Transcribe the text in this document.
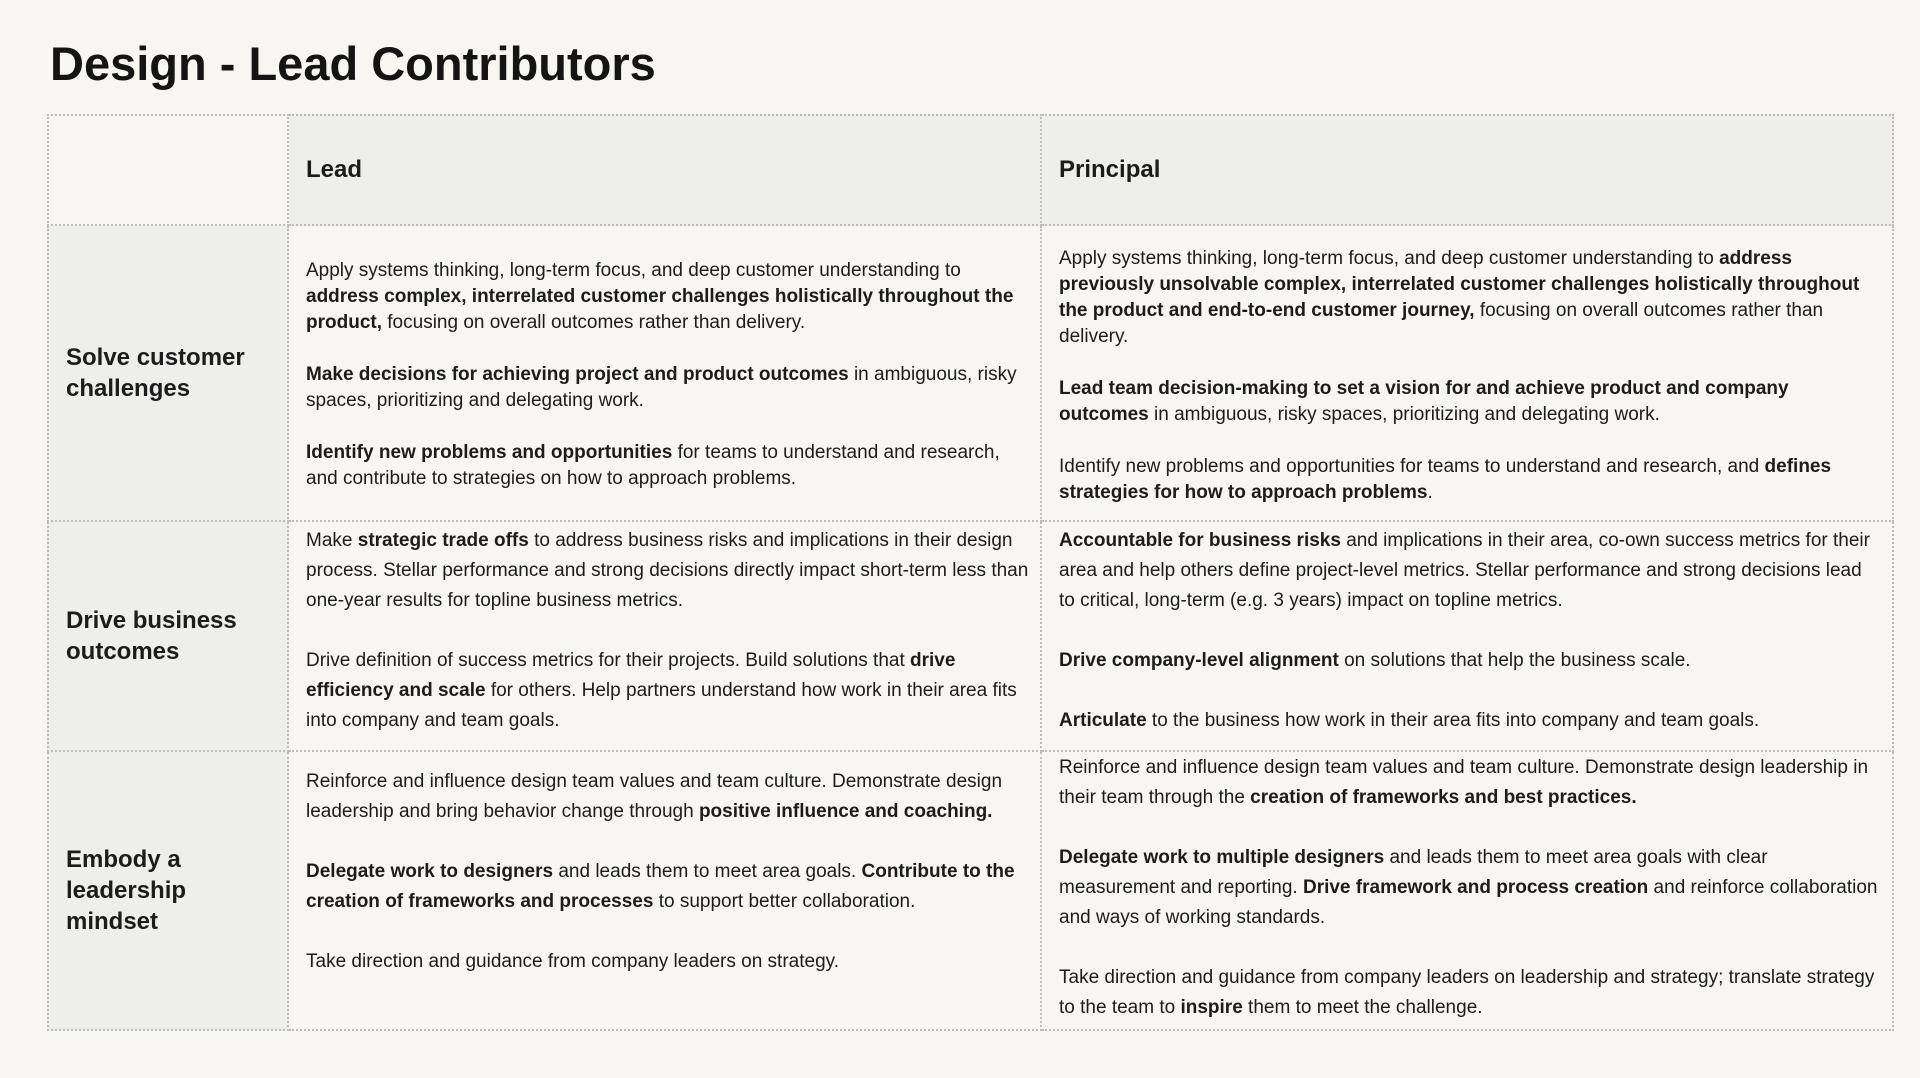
Design - Lead Contributors
Lead	Principal
Solve customer
challenges

Apply systems thinking, long-term focus, and deep customer understanding to address complex, interrelated customer challenges holistically throughout the product, focusing on overall outcomes rather than delivery.

Make decisions for achieving project and product outcomes in ambiguous, risky spaces, prioritizing and delegating work.

Identify new problems and opportunities for teams to understand and research, and contribute to strategies on how to approach problems.

Apply systems thinking, long-term focus, and deep customer understanding to address previously unsolvable complex, interrelated customer challenges holistically throughout the product and end-to-end customer journey, focusing on overall outcomes rather than delivery.

Lead team decision-making to set a vision for and achieve product and company outcomes in ambiguous, risky spaces, prioritizing and delegating work.

Identify new problems and opportunities for teams to understand and research, and defines strategies for how to approach problems.

Drive business
outcomes

Make strategic trade offs to address business risks and implications in their design process. Stellar performance and strong decisions directly impact short-term less than one-year results for topline business metrics.

Drive definition of success metrics for their projects. Build solutions that drive efficiency and scale for others. Help partners understand how work in their area fits into company and team goals.

Accountable for business risks and implications in their area, co-own success metrics for their area and help others define project-level metrics. Stellar performance and strong decisions lead to critical, long-term (e.g. 3 years) impact on topline metrics.

Drive company-level alignment on solutions that help the business scale.

Articulate to the business how work in their area fits into company and team goals.

Embody a
leadership
mindset

Reinforce and influence design team values and team culture. Demonstrate design leadership and bring behavior change through positive influence and coaching.

Delegate work to designers and leads them to meet area goals. Contribute to the creation of frameworks and processes to support better collaboration.

Take direction and guidance from company leaders on strategy.

Reinforce and influence design team values and team culture. Demonstrate design leadership in their team through the creation of frameworks and best practices.

Delegate work to multiple designers and leads them to meet area goals with clear measurement and reporting. Drive framework and process creation and reinforce collaboration and ways of working standards.

Take direction and guidance from company leaders on leadership and strategy; translate strategy to the team to inspire them to meet the challenge.
